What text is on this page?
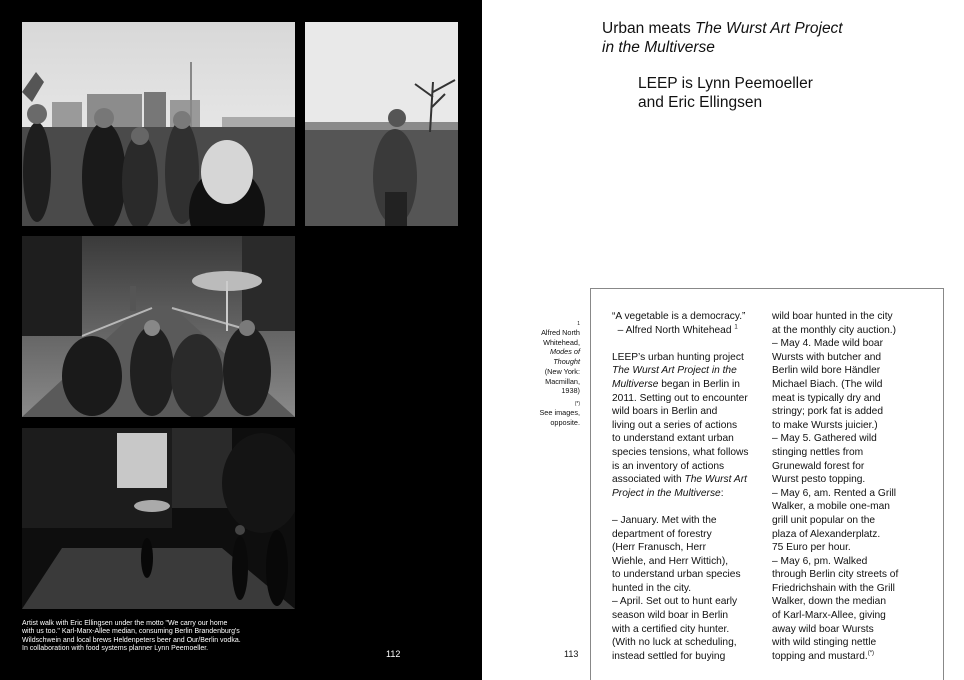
Artist walk with Eric Ellingsen under the motto "We carry our home
with us too." Karl-Marx-Allee median, consuming Berlin Brandenburg's
Wildschwein and local brews Heldenpeters beer and Our/Berlin vodka.
In collaboration with food systems planner Lynn Peemoeller.
112
Urban meats The Wurst Art Project
in the Multiverse
LEEP is Lynn Peemoeller
and Eric Ellingsen
1
Alfred North
Whitehead,
Modes of
Thought
(New York:
Macmillan,
1938)
(*)
See images,
opposite.
113
“A vegetable is a democracy.”
– Alfred North Whitehead $^1$
LEEP’s urban hunting project
The Wurst Art Project in the
Multiverse began in Berlin in
2011. Setting out to encounter
wild boars in Berlin and
living out a series of actions
to understand extant urban
species tensions, what follows
is an inventory of actions
associated with The Wurst Art
Project in the Multiverse:
– January. Met with the
department of forestry
(Herr Franusch, Herr
Wiehle, and Herr Wittich),
to understand urban species
hunted in the city.
– April. Set out to hunt early
season wild boar in Berlin
with a certified city hunter.
(With no luck at scheduling,
instead settled for buying
wild boar hunted in the city
at the monthly city auction.)
– May 4. Made wild boar
Wursts with butcher and
Berlin wild bore Händler
Michael Biach. (The wild
meat is typically dry and
stringy; pork fat is added
to make Wursts juicier.)
– May 5. Gathered wild
stinging nettles from
Grunewald forest for
Wurst pesto topping.
– May 6, am. Rented a Grill
Walker, a mobile one-man
grill unit popular on the
plaza of Alexanderplatz.
75 Euro per hour.
– May 6, pm. Walked
through Berlin city streets of
Friedrichshain with the Grill
Walker, down the median
of Karl-Marx-Allee, giving
away wild boar Wursts
with wild stinging nettle
topping and mustard.(*)
